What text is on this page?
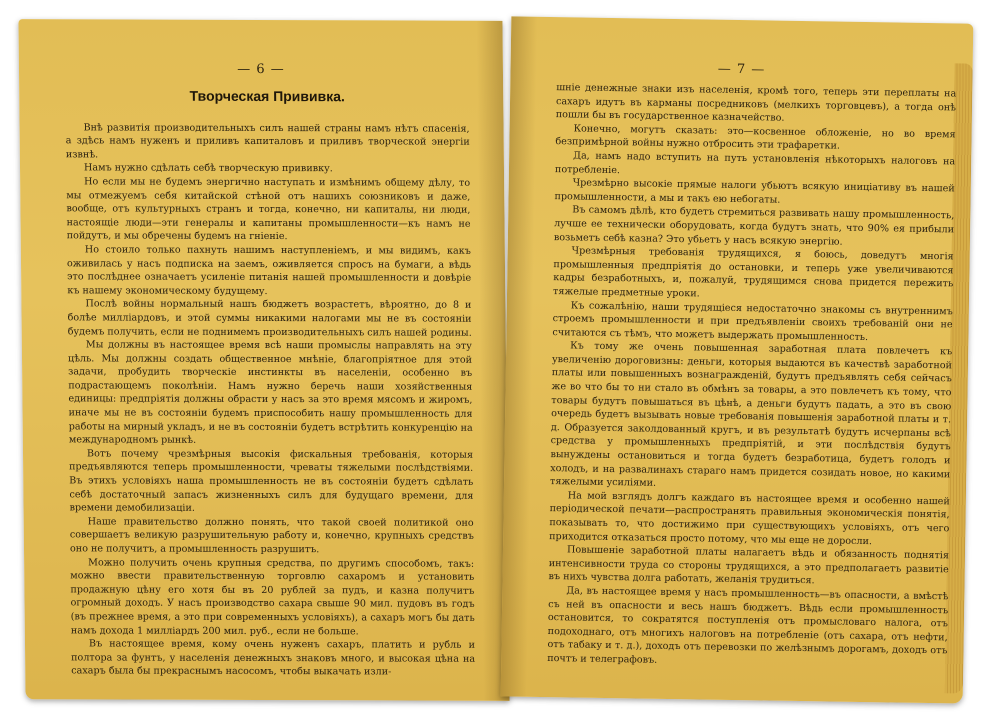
— 6 —
Творческая Прививка.

Внѣ развитія производительныхъ силъ нашей страны намъ нѣтъ спасенія, а здѣсь намъ нуженъ и приливъ капиталовъ и приливъ творческой энергіи извнѣ.

Намъ нужно сдѣлать себѣ творческую прививку.

Но если мы не будемъ энергично наступать и измѣнимъ общему дѣлу, то мы отмежуемъ себя китайской стѣной отъ нашихъ союзниковъ и даже, вообще, отъ культурныхъ странъ и тогда, конечно, ни капиталы, ни люди, настоящіе люди—эти генералы и капитаны промышленности—къ намъ не пойдутъ, и мы обречены будемъ на гніеніе.

Но стоило только пахнуть нашимъ наступленіемъ, и мы видимъ, какъ оживилась у насъ подписка на заемъ, оживляется спросъ на бумаги, а вѣдь это послѣднее означаетъ усиленіе питанія нашей промышленности и довѣріе къ нашему экономическому будущему.

Послѣ войны нормальный нашъ бюджетъ возрастетъ, вѣроятно, до 8 и болѣе милліардовъ, и этой суммы никакими налогами мы не въ состояніи будемъ получить, если не поднимемъ производительныхъ силъ нашей родины.

Мы должны въ настоящее время всѣ наши промыслы направлять на эту цѣль. Мы должны создать общественное мнѣніе, благопріятное для этой задачи, пробудить творческіе инстинкты въ населеніи, особенно въ подрастающемъ поколѣніи. Намъ нужно беречь наши хозяйственныя единицы: предпріятія должны обрасти у насъ за это время мясомъ и жиромъ, иначе мы не въ состояніи будемъ приспособить нашу промышленность для работы на мирный укладъ, и не въ состояніи будетъ встрѣтить конкуренцію на международномъ рынкѣ.

Вотъ почему чрезмѣрныя высокія фискальныя требованія, которыя предъявляются теперь промышленности, чреваты тяжелыми послѣдствіями. Въ этихъ условіяхъ наша промышленность не въ состояніи будетъ сдѣлать себѣ достаточный запасъ жизненныхъ силъ для будущаго времени, для времени демобилизаціи.

Наше правительство должно понять, что такой своей политикой оно совершаетъ великую разрушительную работу и, конечно, крупныхъ средствъ оно не получитъ, а промышленность разрушитъ.

Можно получить очень крупныя средства, по другимъ способомъ, такъ: можно ввести правительственную торговлю сахаромъ и установить продажную цѣну его хотя бы въ 20 рублей за пудъ, и казна получитъ огромный доходъ. У насъ производство сахара свыше 90 мил. пудовъ въ годъ (въ прежнее время, а это при современныхъ условіяхъ), а сахаръ могъ бы дать намъ дохода 1 милліардъ 200 мил. руб., если не больше.

Въ настоящее время, кому очень нуженъ сахаръ, платить и рубль и полтора за фунтъ, у населенія денежныхъ знаковъ много, и высокая цѣна на сахаръ была бы прекраснымъ насосомъ, чтобы выкачать изли-

— 7 —

шніе денежные знаки изъ населенія, кромѣ того, теперь эти переплаты на сахаръ идутъ въ карманы посредниковъ (мелкихъ торговцевъ), а тогда онѣ пошли бы въ государственное казначейство.

Конечно, могутъ сказать: это—косвенное обложеніе, но во время безпримѣрной войны нужно отбросить эти трафаретки.

Да, намъ надо вступить на путь установленія нѣкоторыхъ налоговъ на потребленіе.

Чрезмѣрно высокіе прямые налоги убьютъ всякую иниціативу въ нашей промышленности, а мы и такъ ею небогаты.

Въ самомъ дѣлѣ, кто будетъ стремиться развивать нашу промышленность, лучше ее технически оборудовать, когда будутъ знать, что 90% ея прибыли возьметъ себѣ казна? Это убьетъ у насъ всякую энергію.

Чрезмѣрныя требованія трудящихся, я боюсь, доведутъ многія промышленныя предпріятія до остановки, и теперь уже увеличиваются кадры безработныхъ, и, пожалуй, трудящимся снова придется пережить тяжелые предметные уроки.

Къ сожалѣнію, наши трудящіеся недостаточно знакомы съ внутреннимъ строемъ промышленности и при предъявленіи своихъ требованій они не считаются съ тѣмъ, что можетъ выдержать промышленность.

Къ тому же очень повышенная заработная плата повлечетъ къ увеличенію дороговизны: деньги, которыя выдаются въ качествѣ заработной платы или повышенныхъ вознагражденій, будутъ предъявлять себя сейчасъ же во что бы то ни стало въ обмѣнъ за товары, а это повлечетъ къ тому, что товары будутъ повышаться въ цѣнѣ, а деньги будутъ падать, а это въ свою очередь будетъ вызывать новые требованія повышенія заработной платы и т. д. Образуется заколдованный кругъ, и въ результатѣ будутъ исчерпаны всѣ средства у промышленныхъ предпріятій, и эти послѣдствія будутъ вынуждены остановиться и тогда будетъ безработица, будетъ голодъ и холодъ, и на развалинахъ стараго намъ придется созидать новое, но какими тяжелыми усиліями.

На мой взглядъ долгъ каждаго въ настоящее время и особенно нашей періодической печати—распространять правильныя экономическія понятія, показывать то, что достижимо при существующихъ условіяхъ, отъ чего приходится отказаться просто потому, что мы еще не доросли.

Повышеніе заработной платы налагаетъ вѣдь и обязанность поднятія интенсивности труда со стороны трудящихся, а это предполагаетъ развитіе въ нихъ чувства долга работать, желанія трудиться.

Да, въ настоящее время у насъ промышленность—въ опасности, а вмѣстѣ съ ней въ опасности и весь нашъ бюджетъ. Вѣдь если промышленность остановится, то сократятся поступленія отъ промысловаго налога, отъ подоходнаго, отъ многихъ налоговъ на потребленіе (отъ сахара, отъ нефти, отъ табаку и т. д.), доходъ отъ перевозки по желѣзнымъ дорогамъ, доходъ отъ почтъ и телеграфовъ.
